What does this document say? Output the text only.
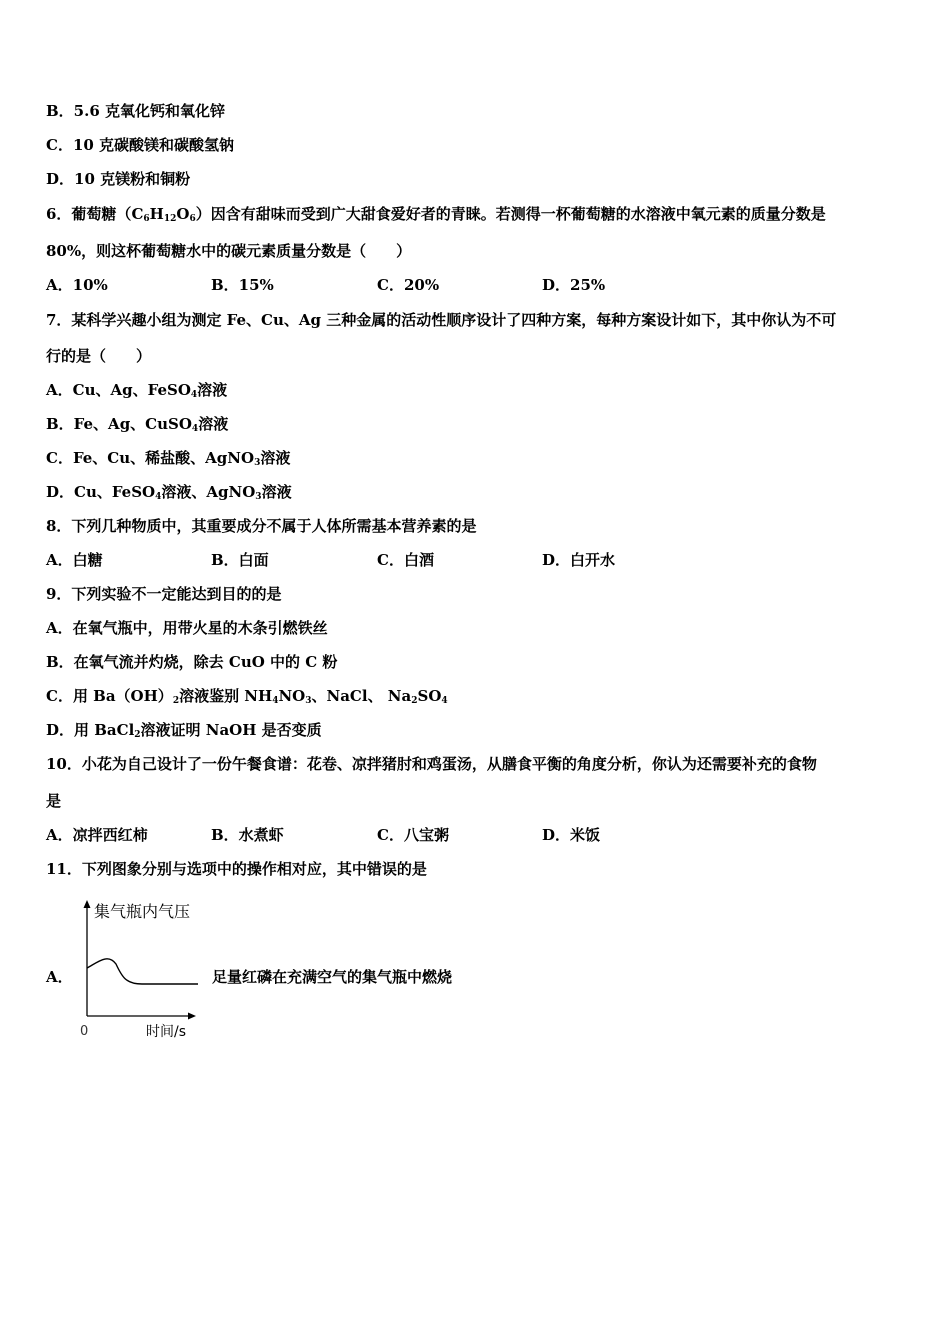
B．5.6 克氧化钙和氧化锌
C．10 克碳酸镁和碳酸氢钠
D．10 克镁粉和铜粉
6．葡萄糖$(C_6H_{12}O_6)$因含有甜味而受到广大甜食爱好者的青睐。若测得一杯葡萄糖的水溶液中氧元素的质量分数是
80%，则这杯葡萄糖水中的碳元素质量分数是（　　）
A．10%	B．15%	C．20%	D．25%
7．某科学兴趣小组为测定 Fe、Cu、Ag 三种金属的活动性顺序设计了四种方案，每种方案设计如下，其中你认为不可
行的是（　　）
A．Cu、Ag、FeSO$_4$溶液
B．Fe、Ag、CuSO$_4$溶液
C．Fe、Cu、稀盐酸、AgNO$_3$溶液
D．Cu、FeSO$_4$溶液、AgNO$_3$溶液
8．下列几种物质中，其重要成分不属于人体所需基本营养素的是
A．白糖	B．白面	C．白酒	D．白开水
9．下列实验不一定能达到目的的是
A．在氧气瓶中，用带火星的木条引燃铁丝
B．在氧气流并灼烧，除去 CuO 中的 C 粉
C．用 $Ba(OH)_2$溶液鉴别 $NH_4NO_3$、NaCl、 $Na_2SO_4$
D．用 BaCl$_2$溶液证明 NaOH 是否变质
10．小花为自己设计了一份午餐食谱：花卷、凉拌猪肘和鸡蛋汤，从膳食平衡的角度分析，你认为还需要补充的食物
是
A．凉拌西红柿	B．水煮虾	C．八宝粥	D．米饭
11．下列图象分别与选项中的操作相对应，其中错误的是
A．
集气瓶内气压
0	时间/s
足量红磷在充满空气的集气瓶中燃烧
